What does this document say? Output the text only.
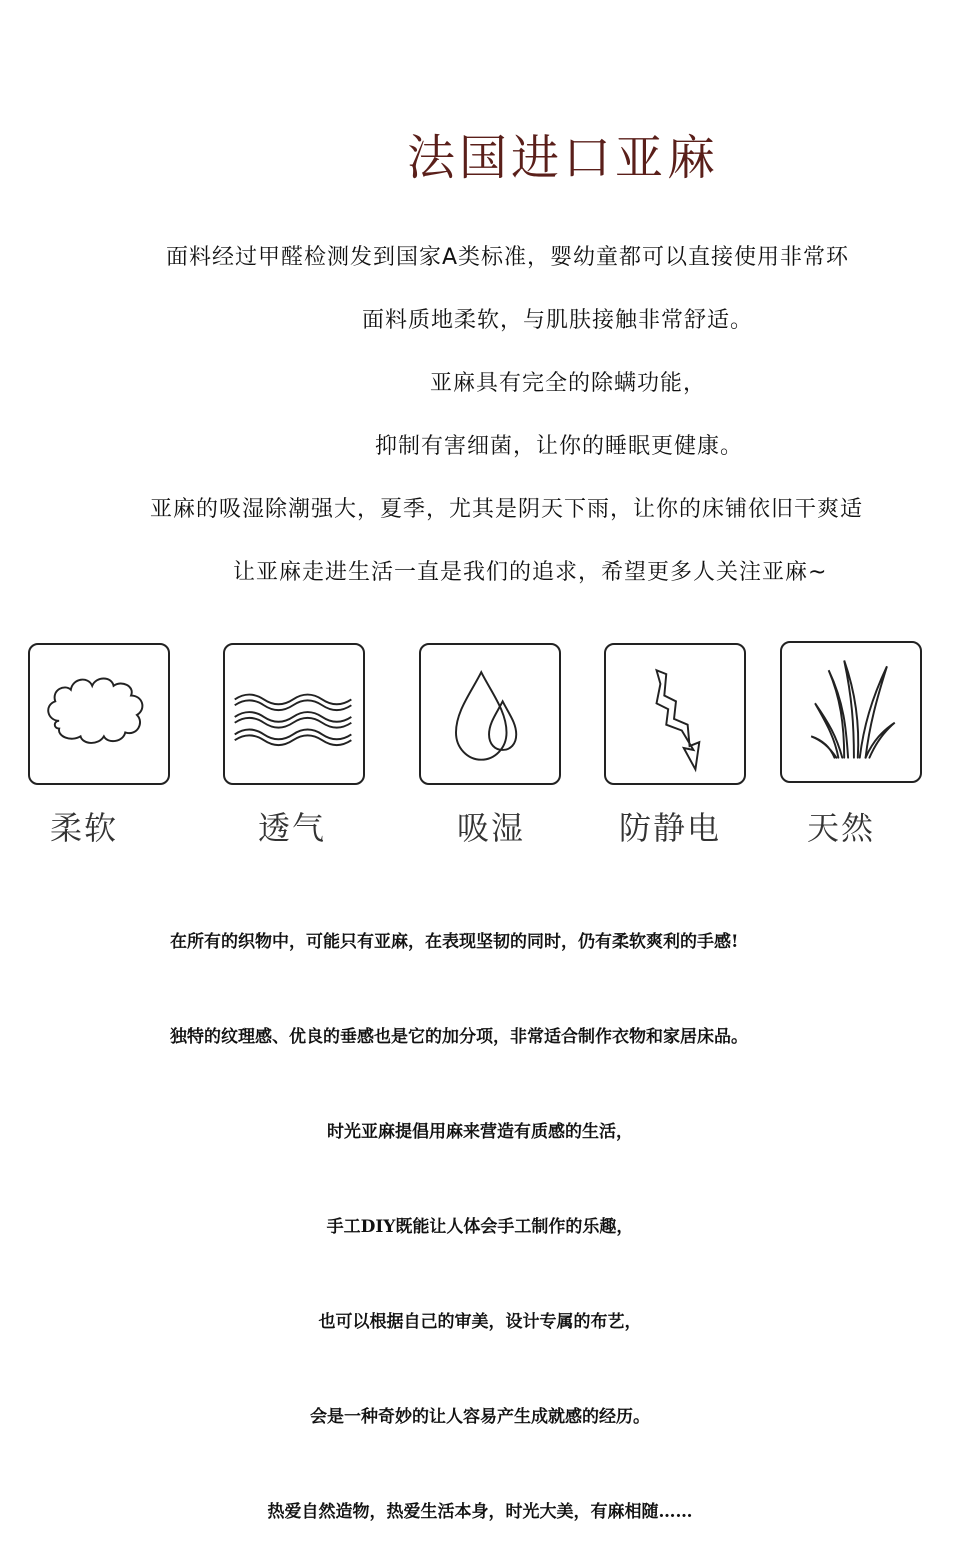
法国进口亚麻
面料经过甲醛检测发到国家A类标准，婴幼童都可以直接使用非常环
面料质地柔软，与肌肤接触非常舒适。
亚麻具有完全的除螨功能，
抑制有害细菌，让你的睡眠更健康。
亚麻的吸湿除潮强大，夏季，尤其是阴天下雨，让你的床铺依旧干爽适
让亚麻走进生活一直是我们的追求，希望更多人关注亚麻~
柔软	透气	吸湿	防静电	天然
在所有的织物中，可能只有亚麻，在表现坚韧的同时，仍有柔软爽利的手感!
独特的纹理感、优良的垂感也是它的加分项，非常适合制作衣物和家居床品。
时光亚麻提倡用麻来营造有质感的生活，
手工DIY既能让人体会手工制作的乐趣，
也可以根据自己的审美，设计专属的布艺，
会是一种奇妙的让人容易产生成就感的经历。
热爱自然造物，热爱生活本身，时光大美，有麻相随……
